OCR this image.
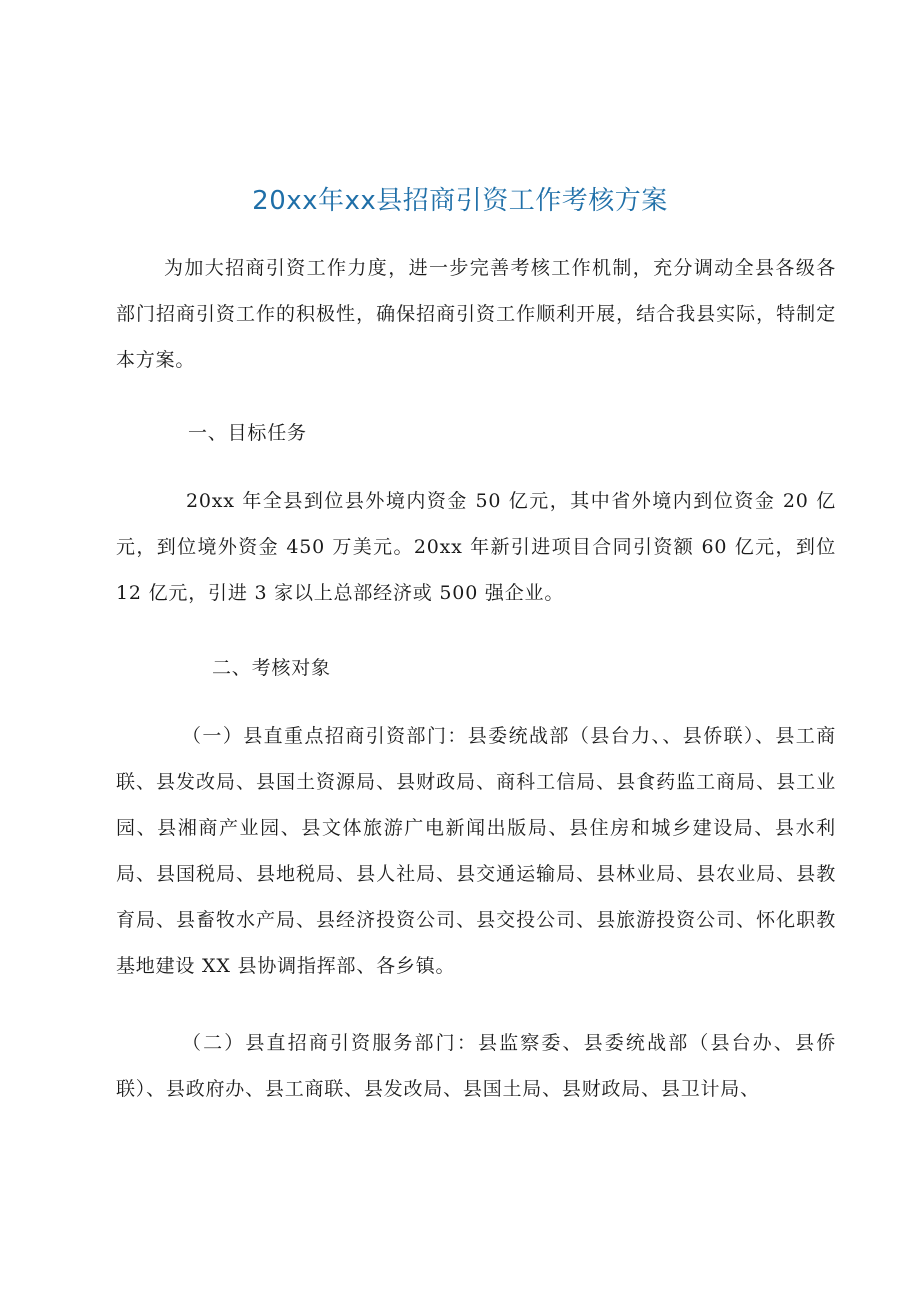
20xx年xx县招商引资工作考核方案

为加大招商引资工作力度，进一步完善考核工作机制，充分调动全县各级各部门招商引资工作的积极性，确保招商引资工作顺利开展，结合我县实际，特制定本方案。

一、目标任务

20xx 年全县到位县外境内资金 50 亿元，其中省外境内到位资金 20 亿元，到位境外资金 450 万美元。20xx 年新引进项目合同引资额 60 亿元，到位 12 亿元，引进 3 家以上总部经济或 500 强企业。

二、考核对象

（一）县直重点招商引资部门：县委统战部（县台力、、县侨联）、县工商联、县发改局、县国土资源局、县财政局、商科工信局、县食药监工商局、县工业园、县湘商产业园、县文体旅游广电新闻出版局、县住房和城乡建设局、县水利局、县国税局、县地税局、县人社局、县交通运输局、县林业局、县农业局、县教育局、县畜牧水产局、县经济投资公司、县交投公司、县旅游投资公司、怀化职教基地建设 XX 县协调指挥部、各乡镇。

（二）县直招商引资服务部门：县监察委、县委统战部（县台办、县侨联）、县政府办、县工商联、县发改局、县国土局、县财政局、县卫计局、
